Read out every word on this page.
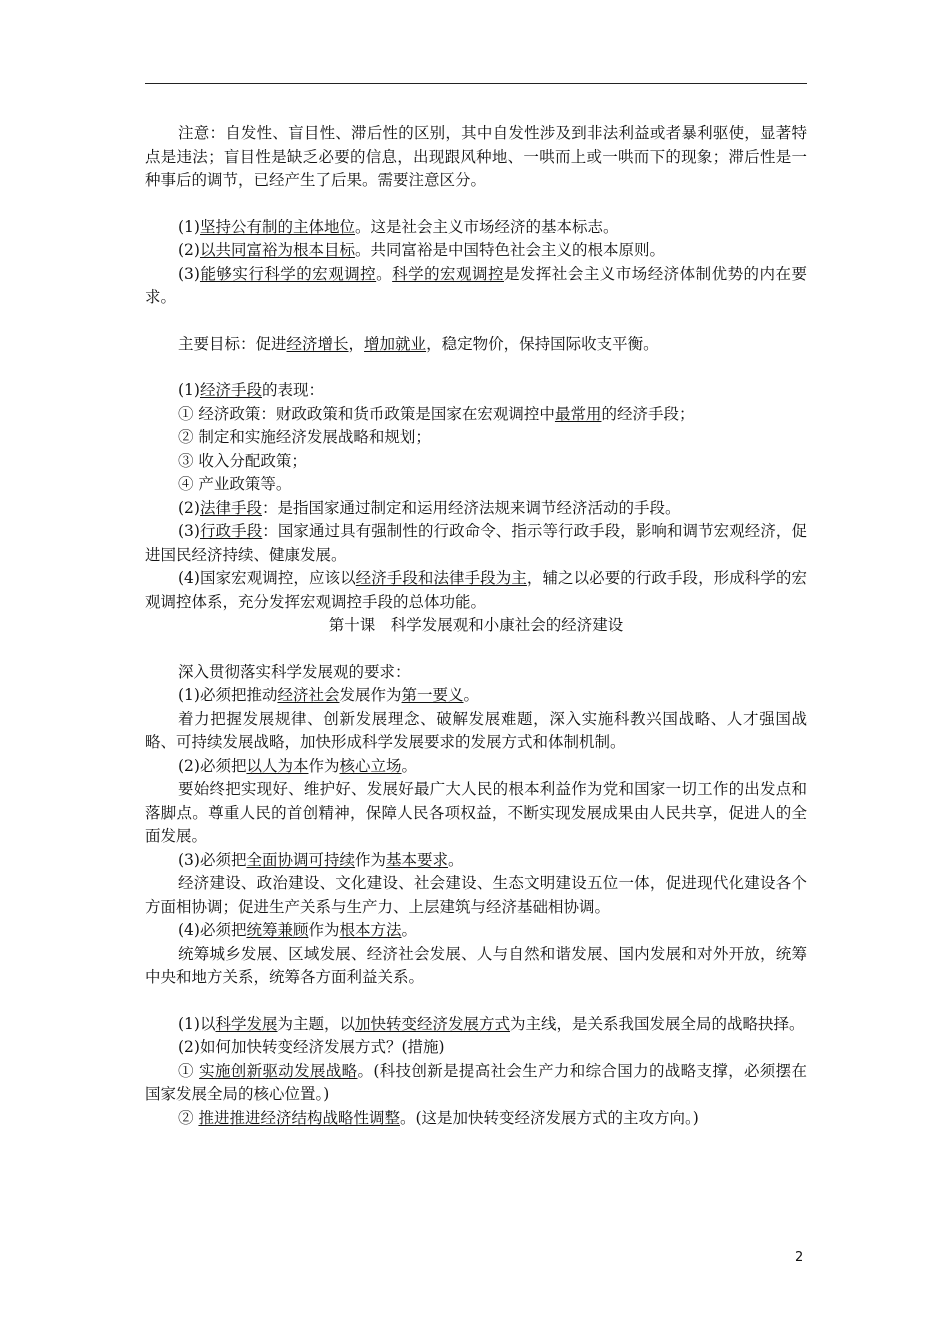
注意：自发性、盲目性、滞后性的区别，其中自发性涉及到非法利益或者暴利驱使，显著特点是违法；盲目性是缺乏必要的信息，出现跟风种地、一哄而上或一哄而下的现象；滞后性是一种事后的调节，已经产生了后果。需要注意区分。

(1)坚持公有制的主体地位。这是社会主义市场经济的基本标志。

(2)以共同富裕为根本目标。共同富裕是中国特色社会主义的根本原则。

(3)能够实行科学的宏观调控。科学的宏观调控是发挥社会主义市场经济体制优势的内在要求。

主要目标：促进经济增长，增加就业，稳定物价，保持国际收支平衡。

(1)经济手段的表现：

① 经济政策：财政政策和货币政策是国家在宏观调控中最常用的经济手段；

② 制定和实施经济发展战略和规划；

③ 收入分配政策；

④ 产业政策等。

(2)法律手段：是指国家通过制定和运用经济法规来调节经济活动的手段。

(3)行政手段：国家通过具有强制性的行政命令、指示等行政手段，影响和调节宏观经济，促进国民经济持续、健康发展。

(4)国家宏观调控，应该以经济手段和法律手段为主，辅之以必要的行政手段，形成科学的宏观调控体系，充分发挥宏观调控手段的总体功能。

第十课　科学发展观和小康社会的经济建设

深入贯彻落实科学发展观的要求：

(1)必须把推动经济社会发展作为第一要义。

着力把握发展规律、创新发展理念、破解发展难题，深入实施科教兴国战略、人才强国战略、可持续发展战略，加快形成科学发展要求的发展方式和体制机制。

(2)必须把以人为本作为核心立场。

要始终把实现好、维护好、发展好最广大人民的根本利益作为党和国家一切工作的出发点和落脚点。尊重人民的首创精神，保障人民各项权益，不断实现发展成果由人民共享，促进人的全面发展。

(3)必须把全面协调可持续作为基本要求。

经济建设、政治建设、文化建设、社会建设、生态文明建设五位一体，促进现代化建设各个方面相协调；促进生产关系与生产力、上层建筑与经济基础相协调。

(4)必须把统筹兼顾作为根本方法。

统筹城乡发展、区域发展、经济社会发展、人与自然和谐发展、国内发展和对外开放，统筹中央和地方关系，统筹各方面利益关系。

(1)以科学发展为主题，以加快转变经济发展方式为主线，是关系我国发展全局的战略抉择。

(2)如何加快转变经济发展方式？(措施)

① 实施创新驱动发展战略。(科技创新是提高社会生产力和综合国力的战略支撑，必须摆在国家发展全局的核心位置。)

② 推进推进经济结构战略性调整。(这是加快转变经济发展方式的主攻方向。)

2
